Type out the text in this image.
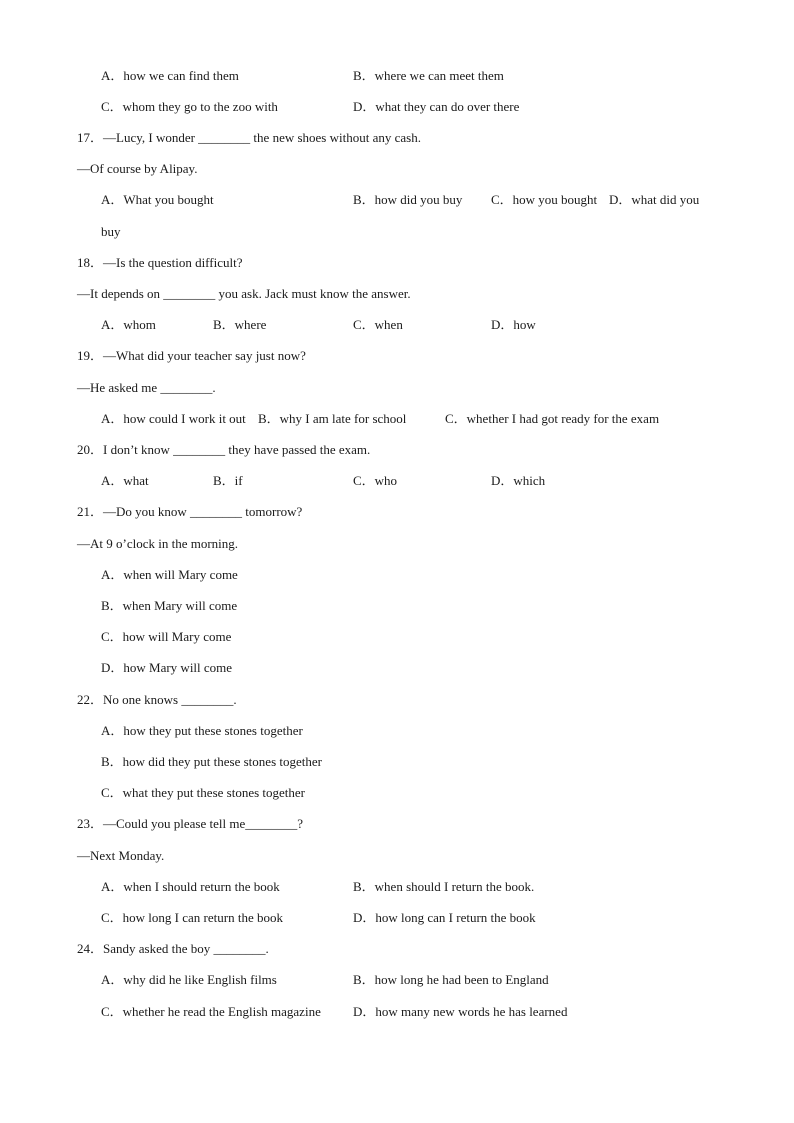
A．how we can find them	B．where we can meet them
C．whom they go to the zoo with	D．what they can do over there
17．—Lucy, I wonder ________ the new shoes without any cash.
—Of course by Alipay.
A．What you bought	B．how did you buy C．how you bought D．what did you
buy
18．—Is the question difficult?
—It depends on ________ you ask. Jack must know the answer.
A．whom	B．where	C．when	D．how
19．—What did your teacher say just now?
—He asked me ________.
A．how could I work it out B．why I am late for school	C．whether I had got ready for the exam
20．I don’t know ________ they have passed the exam.
A．what	B．if	C．who	D．which
21．—Do you know ________ tomorrow?
—At 9 o’clock in the morning.
A．when will Mary come
B．when Mary will come
C．how will Mary come
D．how Mary will come
22．No one knows ________.
A．how they put these stones together
B．how did they put these stones together
C．what they put these stones together
23．—Could you please tell me________?
—Next Monday.
A．when I should return the book	B．when should I return the book.
C．how long I can return the book	D．how long can I return the book
24．Sandy asked the boy ________.
A．why did he like English films	B．how long he had been to England
C．whether he read the English magazine D．how many new words he has learned
